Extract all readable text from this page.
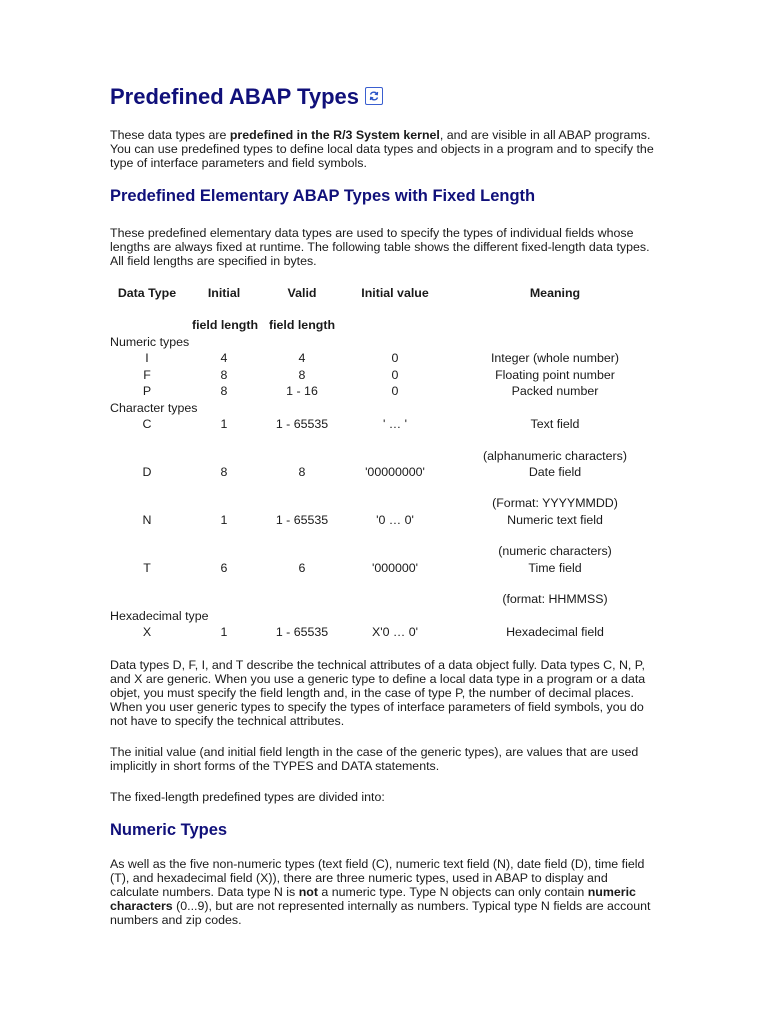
Predefined ABAP Types

These data types are predefined in the R/3 System kernel, and are visible in all ABAP programs. You can use predefined types to define local data types and objects in a program and to specify the type of interface parameters and field symbols.

Predefined Elementary ABAP Types with Fixed Length

These predefined elementary data types are used to specify the types of individual fields whose lengths are always fixed at runtime. The following table shows the different fixed-length data types. All field lengths are specified in bytes.

Data Type	Initial	Valid	Initial value	Meaning
field length field length
Numeric types
I	4	4	0	Integer (whole number)
F	8	8	0	Floating point number
P	8	1 - 16	0	Packed number
Character types
C	1	1 - 65535	' … '	Text field
(alphanumeric characters)
D	8	8	'00000000'	Date field
(Format: YYYYMMDD)
N	1	1 - 65535	'0 … 0'	Numeric text field
(numeric characters)
T	6	6	'000000'	Time field
(format: HHMMSS)
Hexadecimal type
X	1	1 - 65535	X'0 … 0'	Hexadecimal field

Data types D, F, I, and T describe the technical attributes of a data object fully. Data types C, N, P, and X are generic. When you use a generic type to define a local data type in a program or a data objet, you must specify the field length and, in the case of type P, the number of decimal places. When you user generic types to specify the types of interface parameters of field symbols, you do not have to specify the technical attributes.

The initial value (and initial field length in the case of the generic types), are values that are used implicitly in short forms of the TYPES and DATA statements.

The fixed-length predefined types are divided into:

Numeric Types

As well as the five non-numeric types (text field (C), numeric text field (N), date field (D), time field (T), and hexadecimal field (X)), there are three numeric types, used in ABAP to display and calculate numbers. Data type N is not a numeric type. Type N objects can only contain numeric characters (0...9), but are not represented internally as numbers. Typical type N fields are account numbers and zip codes.
